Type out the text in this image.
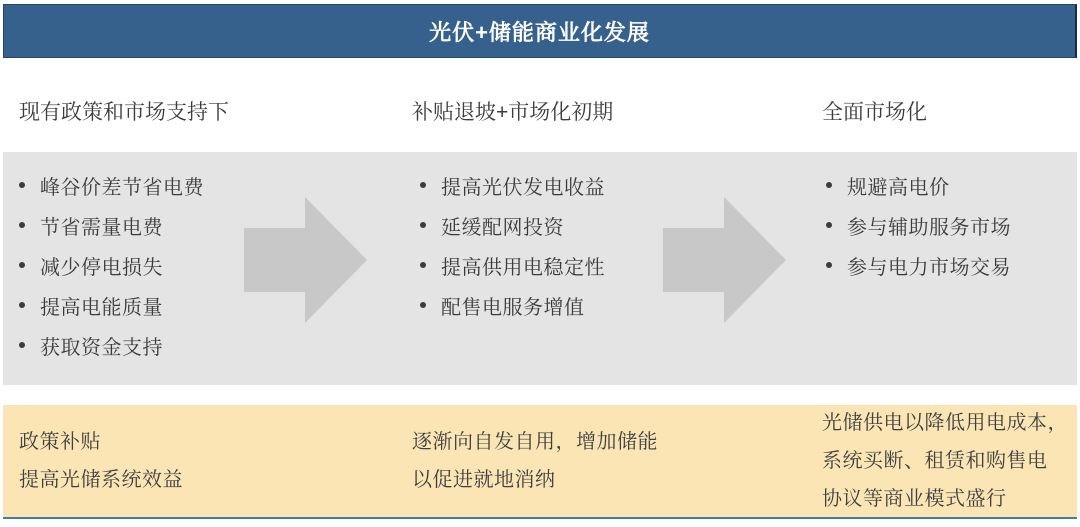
光伏+储能商业化发展
现有政策和市场支持下	补贴退坡+市场化初期	全面市场化
峰谷价差节省电费
节省需量电费
减少停电损失
提高电能质量
获取资金支持
提高光伏发电收益
延缓配网投资
提高供用电稳定性
配售电服务增值
规避高电价
参与辅助服务市场
参与电力市场交易
政策补贴
提高光储系统效益
逐渐向自发自用，增加储能
以促进就地消纳
光储供电以降低用电成本，
系统买断、租赁和购售电
协议等商业模式盛行
